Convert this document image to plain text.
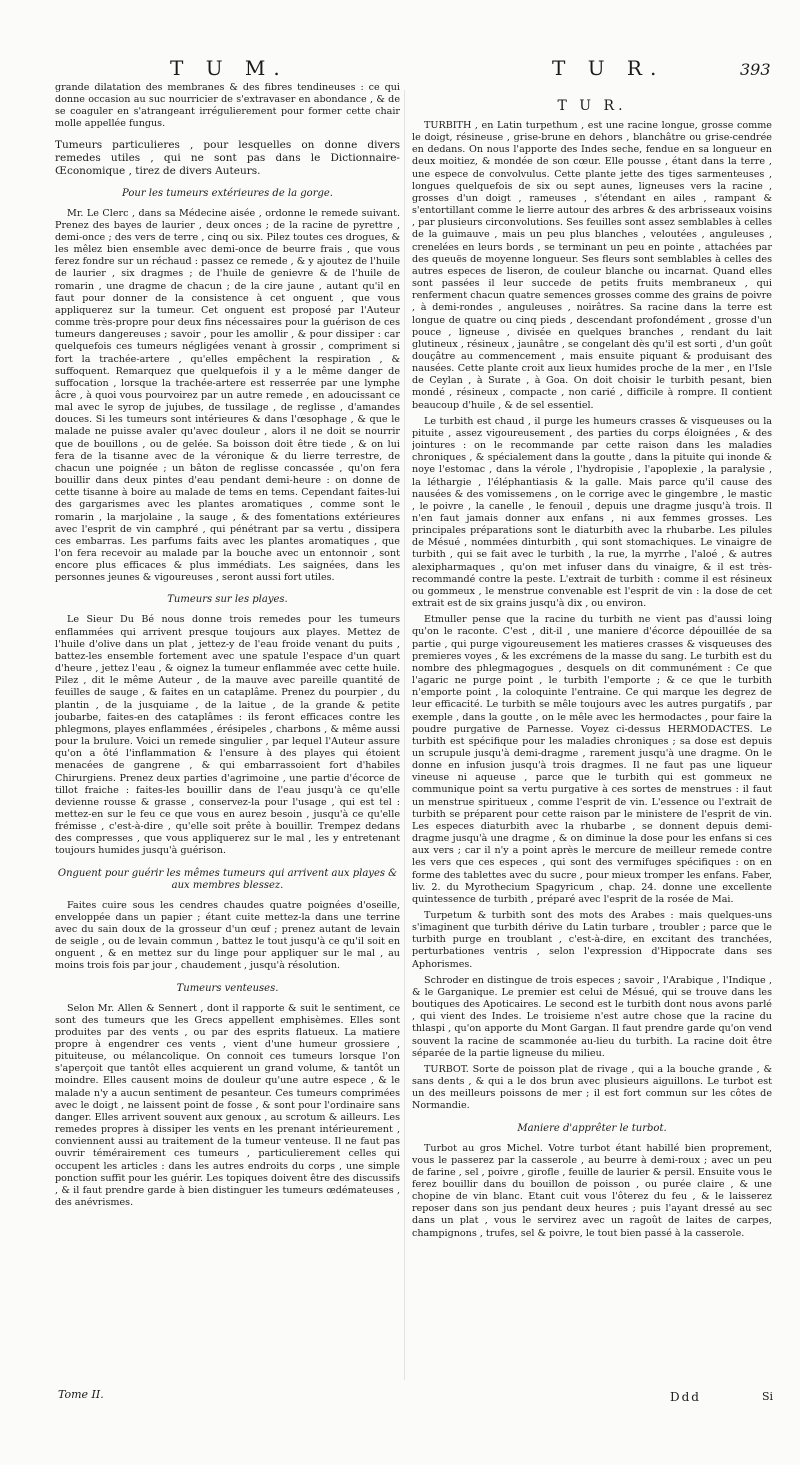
T U M.	T U R.	393

grande dilatation des membranes & des fibres tendineuses : ce qui donne occasion au suc nourricier de s'extravaser en abondance , & de se coaguler en s'atrangeant irrégulierement pour former cette chair molle appellée fungus.

Tumeurs particulieres , pour lesquelles on donne divers remedes utiles , qui ne sont pas dans le Dictionnaire-Œconomique , tirez de divers Auteurs.

Pour les tumeurs extérieures de la gorge.

Mr. Le Clerc , dans sa Médecine aisée , ordonne le remede suivant. Prenez des bayes de laurier , deux onces ; de la racine de pyrettre , demi-once ; des vers de terre , cinq ou six. Pilez toutes ces drogues, & les mêlez bien ensemble avec demi-once de beurre frais , que vous ferez fondre sur un réchaud : passez ce remede , & y ajoutez de l'huile de laurier , six dragmes ; de l'huile de genievre & de l'huile de romarin , une dragme de chacun ; de la cire jaune , autant qu'il en faut pour donner de la consistence à cet onguent , que vous appliquerez sur la tumeur. Cet onguent est proposé par l'Auteur comme très-propre pour deux fins nécessaires pour la guérison de ces tumeurs dangereuses ; savoir , pour les amollir , & pour dissiper : car quelquefois ces tumeurs négligées venant à grossir , compriment si fort la trachée-artere , qu'elles empêchent la respiration , & suffoquent. Remarquez que quelquefois il y a le même danger de suffocation , lorsque la trachée-artere est resserrée par une lymphe âcre , à quoi vous pourvoirez par un autre remede , en adoucissant ce mal avec le syrop de jujubes, de tussilage , de reglisse , d'amandes douces. Si les tumeurs sont intérieures & dans l'œsophage , & que le malade ne puisse avaler qu'avec douleur , alors il ne doit se nourrir que de bouillons , ou de gelée. Sa boisson doit être tiede , & on lui fera de la tisanne avec de la véronique & du lierre terrestre, de chacun une poignée ; un bâton de reglisse concassée , qu'on fera bouillir dans deux pintes d'eau pendant demi-heure : on donne de cette tisanne à boire au malade de tems en tems. Cependant faites-lui des gargarismes avec les plantes aromatiques , comme sont le romarin , la marjolaine , la sauge , & des fomentations extérieures avec l'esprit de vin camphré , qui pénétrant par sa vertu , dissipera ces embarras. Les parfums faits avec les plantes aromatiques , que l'on fera recevoir au malade par la bouche avec un entonnoir , sont encore plus efficaces & plus immédiats. Les saignées, dans les personnes jeunes & vigoureuses , seront aussi fort utiles.

Tumeurs sur les playes.

Le Sieur Du Bé nous donne trois remedes pour les tumeurs enflammées qui arrivent presque toujours aux playes. Mettez de l'huile d'olive dans un plat , jettez-y de l'eau froide venant du puits , battez-les ensemble fortement avec une spatule l'espace d'un quart d'heure , jettez l'eau , & oignez la tumeur enflammée avec cette huile. Pilez , dit le même Auteur , de la mauve avec pareille quantité de feuilles de sauge , & faites en un cataplâme. Prenez du pourpier , du plantin , de la jusquiame , de la laitue , de la grande & petite joubarbe, faites-en des cataplâmes : ils feront efficaces contre les phlegmons, playes enflammées , érésipeles , charbons , & même aussi pour la brulure. Voici un remede singulier , par lequel l'Auteur assure qu'on a ôté l'inflammation & l'ensure à des playes qui étoient menacées de gangrene , & qui embarrassoient fort d'habiles Chirurgiens. Prenez deux parties d'agrimoine , une partie d'écorce de tillot fraiche : faites-les bouillir dans de l'eau jusqu'à ce qu'elle devienne rousse & grasse , conservez-la pour l'usage , qui est tel : mettez-en sur le feu ce que vous en aurez besoin , jusqu'à ce qu'elle frémisse , c'est-à-dire , qu'elle soit prête à bouillir. Trempez dedans des compresses , que vous appliquerez sur le mal , les y entretenant toujours humides jusqu'à guérison.

Onguent pour guérir les mêmes tumeurs qui arrivent aux playes & aux membres blessez.

Faites cuire sous les cendres chaudes quatre poignées d'oseille, enveloppée dans un papier ; étant cuite mettez-la dans une terrine avec du sain doux de la grosseur d'un œuf ; prenez autant de levain de seigle , ou de levain commun , battez le tout jusqu'à ce qu'il soit en onguent , & en mettez sur du linge pour appliquer sur le mal , au moins trois fois par jour , chaudement , jusqu'à résolution.

Tumeurs venteuses.

Selon Mr. Allen & Sennert , dont il rapporte & suit le sentiment, ce sont des tumeurs que les Grecs appellent emphisèmes. Elles sont produites par des vents , ou par des esprits flatueux. La matiere propre à engendrer ces vents , vient d'une humeur grossiere , pituiteuse, ou mélancolique. On connoit ces tumeurs lorsque l'on s'aperçoit que tantôt elles acquierent un grand volume, & tantôt un moindre. Elles causent moins de douleur qu'une autre espece , & le malade n'y a aucun sentiment de pesanteur. Ces tumeurs comprimées avec le doigt , ne laissent point de fosse , & sont pour l'ordinaire sans danger. Elles arrivent souvent aux genoux , au scrotum & ailleurs. Les remedes propres à dissiper les vents en les prenant intérieurement , conviennent aussi au traitement de la tumeur venteuse. Il ne faut pas ouvrir témérairement ces tumeurs , particulierement celles qui occupent les articles : dans les autres endroits du corps , une simple ponction suffit pour les guérir. Les topiques doivent être des discussifs , & il faut prendre garde à bien distinguer les tumeurs œdémateuses , des anévrismes.

T U R.

TURBITH , en Latin turpethum , est une racine longue, grosse comme le doigt, résineuse , grise-brune en dehors , blanchâtre ou grise-cendrée en dedans. On nous l'apporte des Indes seche, fendue en sa longueur en deux moitiez, & mondée de son cœur. Elle pousse , étant dans la terre , une espece de convolvulus. Cette plante jette des tiges sarmenteuses , longues quelquefois de six ou sept aunes, ligneuses vers la racine , grosses d'un doigt , rameuses , s'étendant en ailes , rampant & s'entortillant comme le lierre autour des arbres & des arbrisseaux voisins , par plusieurs circonvolutions. Ses feuilles sont assez semblables à celles de la guimauve , mais un peu plus blanches , veloutées , anguleuses , crenelées en leurs bords , se terminant un peu en pointe , attachées par des queuës de moyenne longueur. Ses fleurs sont semblables à celles des autres especes de liseron, de couleur blanche ou incarnat. Quand elles sont passées il leur succede de petits fruits membraneux , qui renferment chacun quatre semences grosses comme des grains de poivre , à demi-rondes , anguleuses , noirâtres. Sa racine dans la terre est longue de quatre ou cinq pieds , descendant profondément , grosse d'un pouce , ligneuse , divisée en quelques branches , rendant du lait glutineux , résineux , jaunâtre , se congelant dès qu'il est sorti , d'un goût douçâtre au commencement , mais ensuite piquant & produisant des nausées. Cette plante croit aux lieux humides proche de la mer , en l'Isle de Ceylan , à Surate , à Goa. On doit choisir le turbith pesant, bien mondé , résineux , compacte , non carié , difficile à rompre. Il contient beaucoup d'huile , & de sel essentiel.

Le turbith est chaud , il purge les humeurs crasses & visqueuses ou la pituite , assez vigoureusement , des parties du corps éloignées , & des jointures : on le recommande par cette raison dans les maladies chroniques , & spécialement dans la goutte , dans la pituite qui inonde & noye l'estomac , dans la vérole , l'hydropisie , l'apoplexie , la paralysie , la léthargie , l'éléphantiasis & la galle. Mais parce qu'il cause des nausées & des vomissemens , on le corrige avec le gingembre , le mastic , le poivre , la canelle , le fenouil , depuis une dragme jusqu'à trois. Il n'en faut jamais donner aux enfans , ni aux femmes grosses. Les principales préparations sont le diaturbith avec la rhubarbe. Les pilules de Mésué , nommées dinturbith , qui sont stomachiques. Le vinaigre de turbith , qui se fait avec le turbith , la rue, la myrrhe , l'aloé , & autres alexipharmaques , qu'on met infuser dans du vinaigre, & il est très-recommandé contre la peste. L'extrait de turbith : comme il est résineux ou gommeux , le menstrue convenable est l'esprit de vin : la dose de cet extrait est de six grains jusqu'à dix , ou environ.

Etmuller pense que la racine du turbith ne vient pas d'aussi loing qu'on le raconte. C'est , dit-il , une maniere d'écorce dépouillée de sa partie , qui purge vigoureusement les matieres crasses & visqueuses des premieres voyes , & les excrémens de la masse du sang. Le turbith est du nombre des phlegmagogues , desquels on dit communément : Ce que l'agaric ne purge point , le turbith l'emporte ; & ce que le turbith n'emporte point , la coloquinte l'entraine. Ce qui marque les degrez de leur efficacité. Le turbith se mêle toujours avec les autres purgatifs , par exemple , dans la goutte , on le mêle avec les hermodactes , pour faire la poudre purgative de Parnesse. Voyez ci-dessus HERMODACTES. Le turbith est spécifique pour les maladies chroniques ; sa dose est depuis un scrupule jusqu'à demi-dragme , rarement jusqu'à une dragme. On le donne en infusion jusqu'à trois dragmes. Il ne faut pas une liqueur vineuse ni aqueuse , parce que le turbith qui est gommeux ne communique point sa vertu purgative à ces sortes de menstrues : il faut un menstrue spiritueux , comme l'esprit de vin. L'essence ou l'extrait de turbith se préparent pour cette raison par le ministere de l'esprit de vin. Les especes diaturbith avec la rhubarbe , se donnent depuis demi-dragme jusqu'à une dragme , & on diminue la dose pour les enfans si ces aux vers ; car il n'y a point après le mercure de meilleur remede contre les vers que ces especes , qui sont des vermifuges spécifiques : on en forme des tablettes avec du sucre , pour mieux tromper les enfans. Faber, liv. 2. du Myrothecium Spagyricum , chap. 24. donne une excellente quintessence de turbith , préparé avec l'esprit de la rosée de Mai.

Turpetum & turbith sont des mots des Arabes : mais quelques-uns s'imaginent que turbith dérive du Latin turbare , troubler ; parce que le turbith purge en troublant , c'est-à-dire, en excitant des tranchées, perturbationes ventris , selon l'expression d'Hippocrate dans ses Aphorismes.

Schroder en distingue de trois especes ; savoir , l'Arabique , l'Indique , & le Garganique. Le premier est celui de Mésué, qui se trouve dans les boutiques des Apoticaires. Le second est le turbith dont nous avons parlé , qui vient des Indes. Le troisieme n'est autre chose que la racine du thlaspi , qu'on apporte du Mont Gargan. Il faut prendre garde qu'on vend souvent la racine de scammonée au-lieu du turbith. La racine doit être séparée de la partie ligneuse du milieu.

TURBOT. Sorte de poisson plat de rivage , qui a la bouche grande , & sans dents , & qui a le dos brun avec plusieurs aiguillons. Le turbot est un des meilleurs poissons de mer ; il est fort commun sur les côtes de Normandie.

Maniere d'apprêter le turbot.

Turbot au gros Michel. Votre turbot étant habillé bien proprement, vous le passerez par la casserole , au beurre à demi-roux ; avec un peu de farine , sel , poivre , girofle , feuille de laurier & persil. Ensuite vous le ferez bouillir dans du bouillon de poisson , ou purée claire , & une chopine de vin blanc. Etant cuit vous l'ôterez du feu , & le laisserez reposer dans son jus pendant deux heures ; puis l'ayant dressé au sec dans un plat , vous le servirez avec un ragoût de laites de carpes, champignons , trufes, sel & poivre, le tout bien passé à la casserole.

Tome II.	Ddd	Si
